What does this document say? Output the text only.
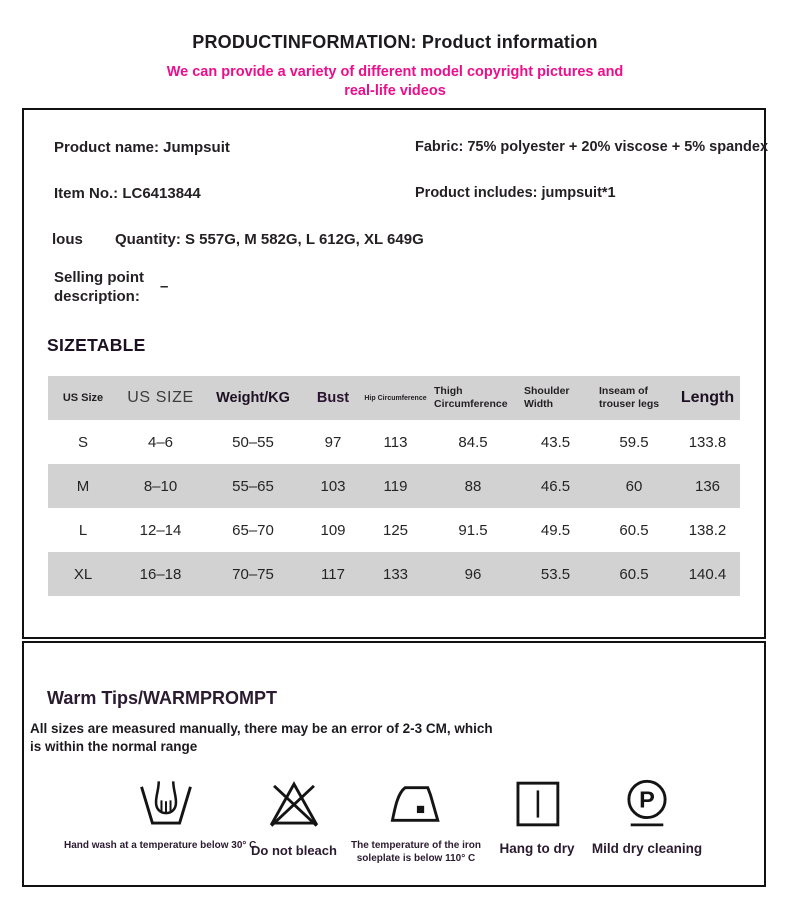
PRODUCTINFORMATION: Product information
We can provide a variety of different model copyright pictures and
real-life videos
Product name: Jumpsuit	Fabric: 75% polyester + 20% viscose + 5% spandex
Item No.: LC6413844	Product includes: jumpsuit*1
lous Quantity: S 557G, M 582G, L 612G, XL 649G
Selling point description:
–
SIZETABLE
US Size	US SIZE	Weight/KG	Bust	Hip Circumference	Thigh Circumference	Shoulder Width	Inseam of trouser legs	Length
S	4–6	50–55	97	113	84.5	43.5	59.5	133.8
M	8–10	55–65	103	119	88	46.5	60	136
L	12–14	65–70	109	125	91.5	49.5	60.5	138.2
XL	16–18	70–75	117	133	96	53.5	60.5	140.4
Warm Tips/WARMPROMPT
All sizes are measured manually, there may be an error of 2-3 CM, which is within the normal range
Hand wash at a temperature below 30° C
Do not bleach	The temperature of the iron soleplate is below 110° C
Hang to dry
P
Mild dry cleaning
